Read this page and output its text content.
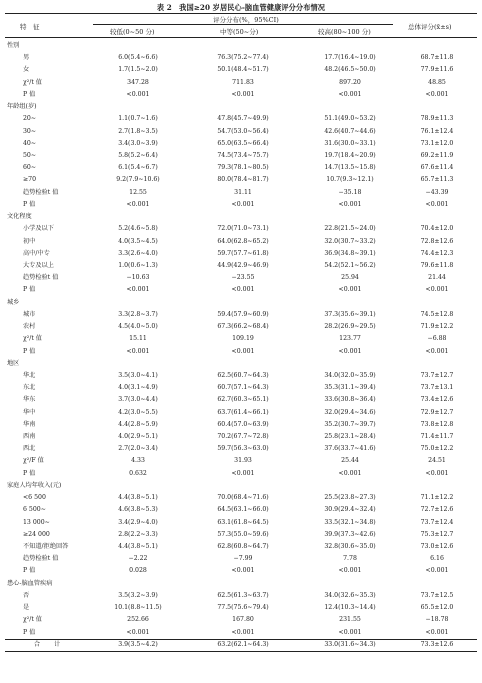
表 2　我国≥20 岁居民心-脑血管健康评分分布情况
特　征
评分分布(%，95%CI)
较低(0~50 分)	中等(50~分)	较高(80~100 分)
总体评分(x̄±s)
性别
男	6.0(5.4~6.6)	76.3(75.2~77.4)	17.7(16.4~19.0)	68.7±11.8
女	1.7(1.5~2.0)	50.1(48.4~51.7)	48.2(46.5~50.0)	77.9±11.6
χ²/t 值	347.28	711.83	897.20	48.85
P 值	<0.001	<0.001	<0.001	<0.001
年龄组(岁)
20~	1.1(0.7~1.6)	47.8(45.7~49.9)	51.1(49.0~53.2)	78.9±11.3
30~	2.7(1.8~3.5)	54.7(53.0~56.4)	42.6(40.7~44.6)	76.1±12.4
40~	3.4(3.0~3.9)	65.0(63.5~66.4)	31.6(30.0~33.1)	73.1±12.0
50~	5.8(5.2~6.4)	74.5(73.4~75.7)	19.7(18.4~20.9)	69.2±11.9
60~	6.1(5.4~6.7)	79.3(78.1~80.5)	14.7(13.5~15.8)	67.6±11.4
≥70	9.2(7.9~10.6)	80.0(78.4~81.7)	10.7(9.3~12.1)	65.7±11.3
趋势检验t 值	12.55	31.11	−35.18	−43.39
P 值	<0.001	<0.001	<0.001	<0.001
文化程度
小学及以下	5.2(4.6~5.8)	72.0(71.0~73.1)	22.8(21.5~24.0)	70.4±12.0
初中	4.0(3.5~4.5)	64.0(62.8~65.2)	32.0(30.7~33.2)	72.8±12.6
高中/中专	3.3(2.6~4.0)	59.7(57.7~61.8)	36.9(34.8~39.1)	74.4±12.3
大专及以上	1.0(0.6~1.3)	44.9(42.9~46.9)	54.2(52.1~56.2)	79.6±11.8
趋势检验t 值	−10.63	−23.55	25.94	21.44
P 值	<0.001	<0.001	<0.001	<0.001
城乡
城市	3.3(2.8~3.7)	59.4(57.9~60.9)	37.3(35.6~39.1)	74.5±12.8
农村	4.5(4.0~5.0)	67.3(66.2~68.4)	28.2(26.9~29.5)	71.9±12.2
χ²/t 值	15.11	109.19	123.77	−6.88
P 值	<0.001	<0.001	<0.001	<0.001
地区
华北	3.5(3.0~4.1)	62.5(60.7~64.3)	34.0(32.0~35.9)	73.7±12.7
东北	4.0(3.1~4.9)	60.7(57.1~64.3)	35.3(31.1~39.4)	73.7±13.1
华东	3.7(3.0~4.4)	62.7(60.3~65.1)	33.6(30.8~36.4)	73.4±12.6
华中	4.2(3.0~5.5)	63.7(61.4~66.1)	32.0(29.4~34.6)	72.9±12.7
华南	4.4(2.8~5.9)	60.4(57.0~63.9)	35.2(30.7~39.7)	73.8±12.8
西南	4.0(2.9~5.1)	70.2(67.7~72.8)	25.8(23.1~28.4)	71.4±11.7
西北	2.7(2.0~3.4)	59.7(56.3~63.0)	37.6(33.7~41.6)	75.0±12.2
χ²/F 值	4.33	31.93	25.44	24.51
P 值	0.632	<0.001	<0.001	<0.001
家庭人均年收入(元)
<6 500	4.4(3.8~5.1)	70.0(68.4~71.6)	25.5(23.8~27.3)	71.1±12.2
6 500~	4.6(3.8~5.3)	64.5(63.1~66.0)	30.9(29.4~32.4)	72.7±12.6
13 000~	3.4(2.9~4.0)	63.1(61.8~64.5)	33.5(32.1~34.8)	73.7±12.4
≥24 000	2.8(2.2~3.3)	57.3(55.0~59.6)	39.9(37.3~42.6)	75.3±12.7
不知道/拒绝回答	4.4(3.8~5.1)	62.8(60.8~64.7)	32.8(30.6~35.0)	73.0±12.6
趋势检验t 值	−2.22	−7.99	7.78	6.16
P 值	0.028	<0.001	<0.001	<0.001
患心-脑血管疾病
否	3.5(3.2~3.9)	62.5(61.3~63.7)	34.0(32.6~35.3)	73.7±12.5
是	10.1(8.8~11.5)	77.5(75.6~79.4)	12.4(10.3~14.4)	65.5±12.0
χ²/t 值	252.66	167.80	231.55	−18.78
P 值	<0.001	<0.001	<0.001	<0.001
合 计	3.9(3.5~4.2)	63.2(62.1~64.3)	33.0(31.6~34.3)	73.3±12.6
